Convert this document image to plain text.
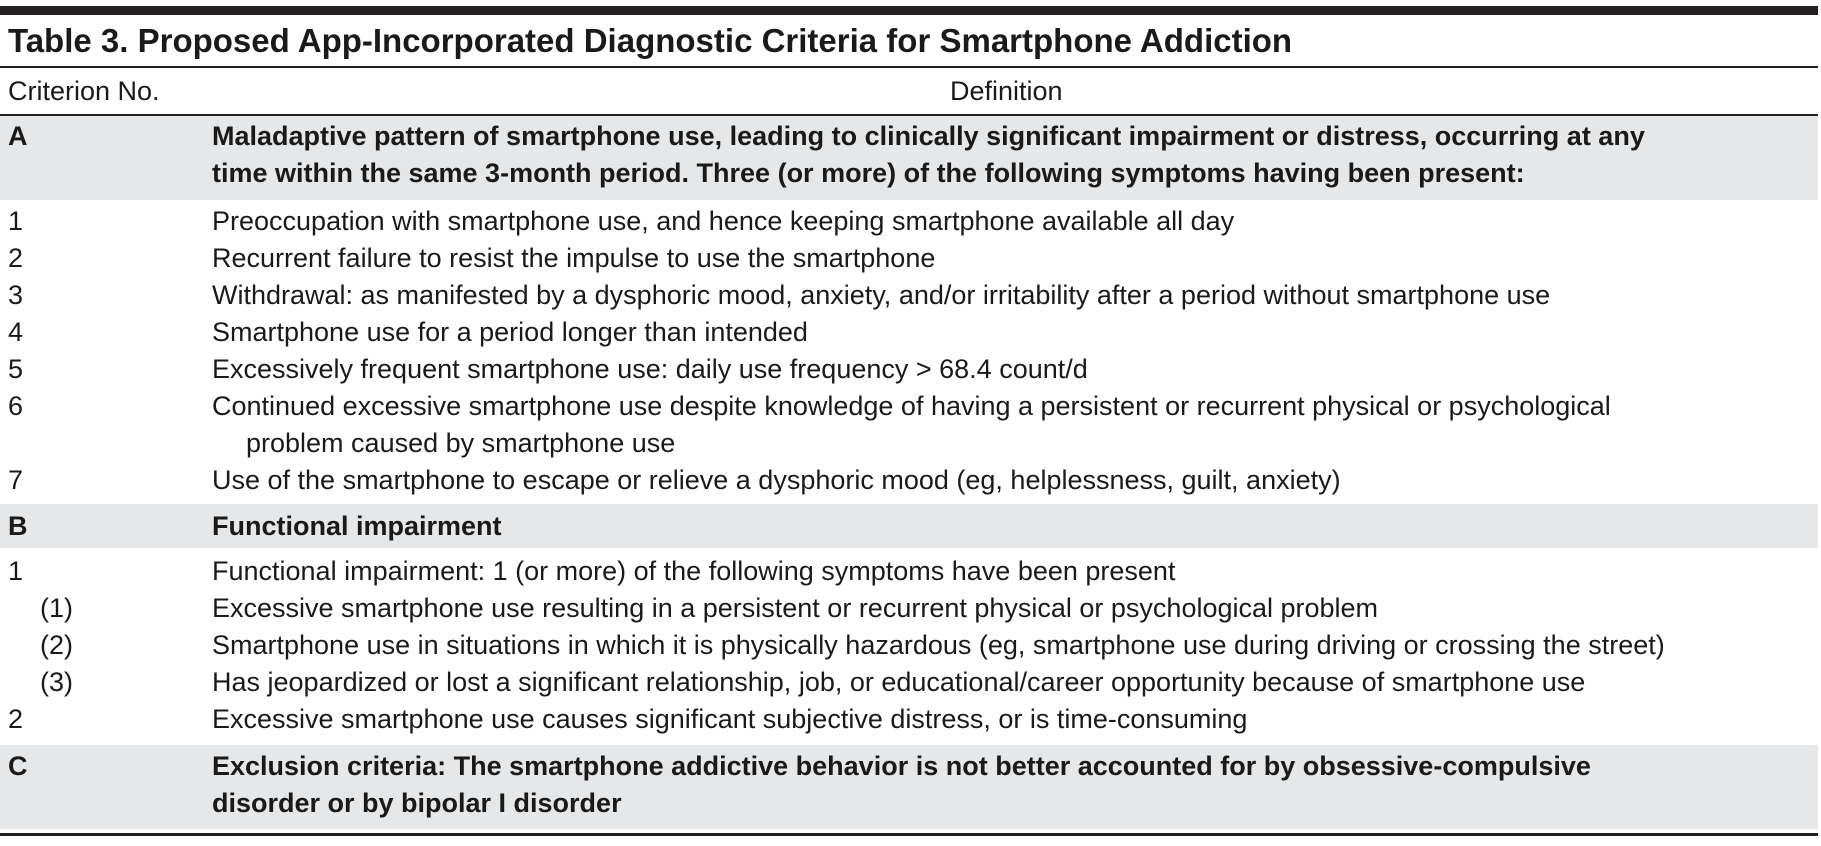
Table 3. Proposed App-Incorporated Diagnostic Criteria for Smartphone Addiction
Criterion No.	Definition
A	Maladaptive pattern of smartphone use, leading to clinically significant impairment or distress, occurring at any
time within the same 3-month period. Three (or more) of the following symptoms having been present:
1	Preoccupation with smartphone use, and hence keeping smartphone available all day
2	Recurrent failure to resist the impulse to use the smartphone
3	Withdrawal: as manifested by a dysphoric mood, anxiety, and/or irritability after a period without smartphone use
4	Smartphone use for a period longer than intended
5	Excessively frequent smartphone use: daily use frequency > 68.4 count/d
6	Continued excessive smartphone use despite knowledge of having a persistent or recurrent physical or psychological
problem caused by smartphone use
7	Use of the smartphone to escape or relieve a dysphoric mood (eg, helplessness, guilt, anxiety)
B	Functional impairment
1	Functional impairment: 1 (or more) of the following symptoms have been present
(1)	Excessive smartphone use resulting in a persistent or recurrent physical or psychological problem
(2)	Smartphone use in situations in which it is physically hazardous (eg, smartphone use during driving or crossing the street)
(3)	Has jeopardized or lost a significant relationship, job, or educational/career opportunity because of smartphone use
2	Excessive smartphone use causes significant subjective distress, or is time-consuming
C	Exclusion criteria: The smartphone addictive behavior is not better accounted for by obsessive-compulsive
disorder or by bipolar I disorder
